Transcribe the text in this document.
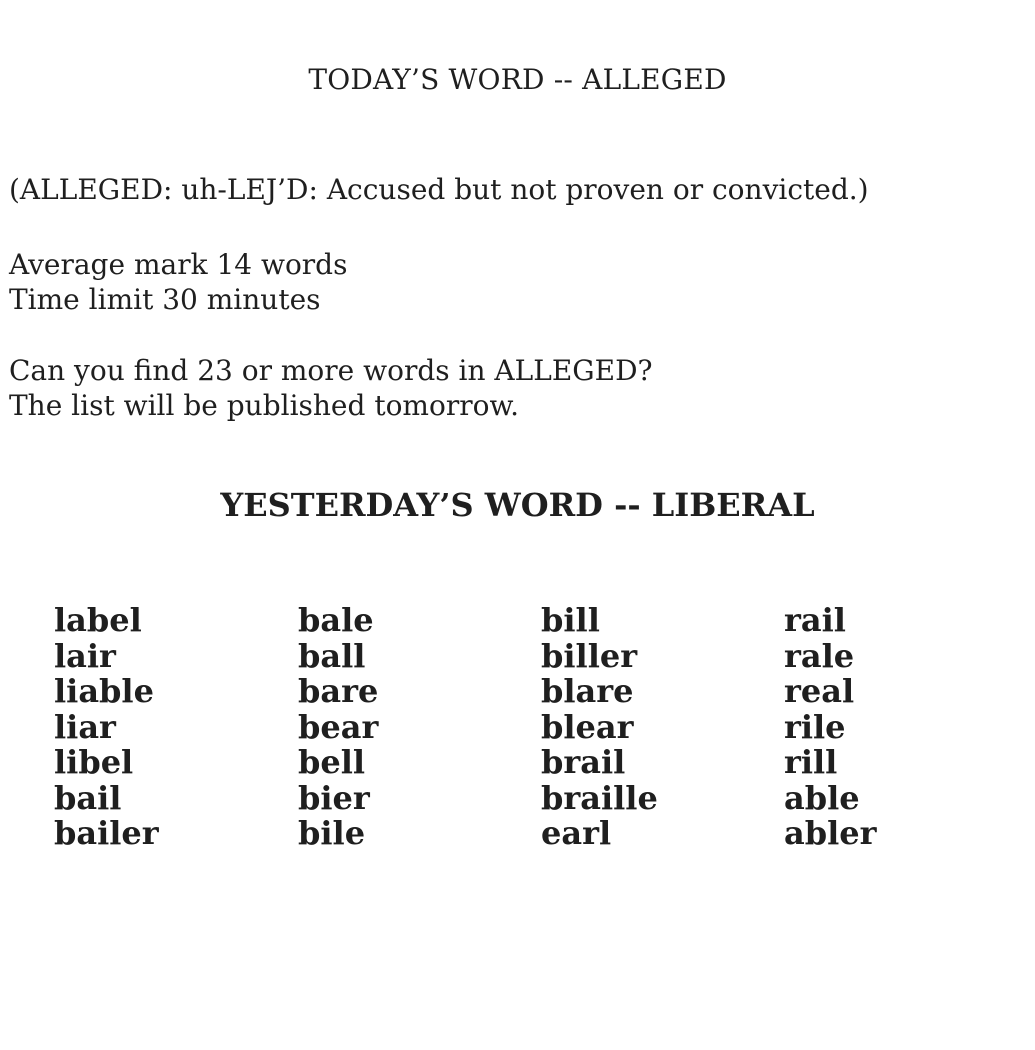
TODAY’S WORD -- ALLEGED
(ALLEGED: uh-LEJ’D: Accused but not proven or convicted.)
Average mark 14 words
Time limit 30 minutes
Can you find 23 or more words in ALLEGED?
The list will be published tomorrow.
YESTERDAY’S WORD -- LIBERAL
label
lair
liable
liar
libel
bail
bailer
bale
ball
bare
bear
bell
bier
bile
bill
biller
blare
blear
brail
braille
earl
rail
rale
real
rile
rill
able
abler
